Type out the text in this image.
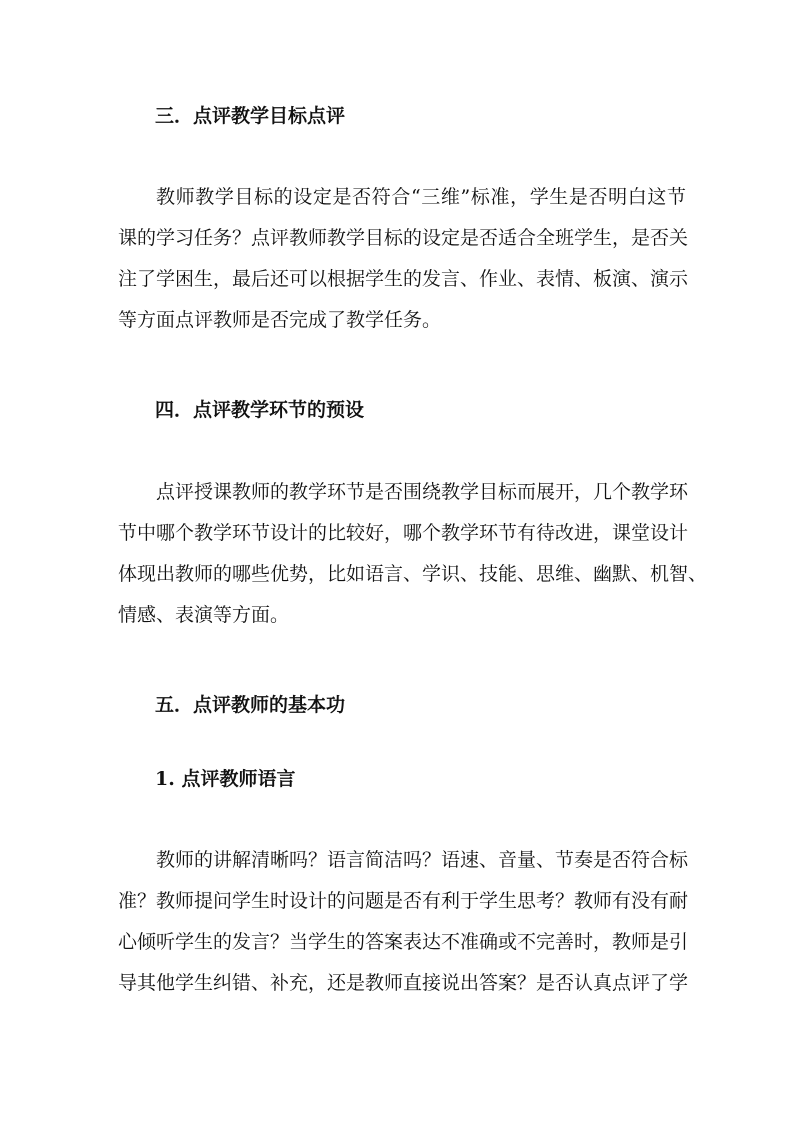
三．点评教学目标点评
教师教学目标的设定是否符合“三维”标准，学生是否明白这节
课的学习任务？点评教师教学目标的设定是否适合全班学生，是否关
注了学困生，最后还可以根据学生的发言、作业、表情、板演、演示
等方面点评教师是否完成了教学任务。
四．点评教学环节的预设
点评授课教师的教学环节是否围绕教学目标而展开，几个教学环
节中哪个教学环节设计的比较好，哪个教学环节有待改进，课堂设计
体现出教师的哪些优势，比如语言、学识、技能、思维、幽默、机智、
情感、表演等方面。
五．点评教师的基本功
1. 点评教师语言
教师的讲解清晰吗？语言简洁吗？语速、音量、节奏是否符合标
准？教师提问学生时设计的问题是否有利于学生思考？教师有没有耐
心倾听学生的发言？当学生的答案表达不准确或不完善时，教师是引
导其他学生纠错、补充，还是教师直接说出答案？是否认真点评了学
